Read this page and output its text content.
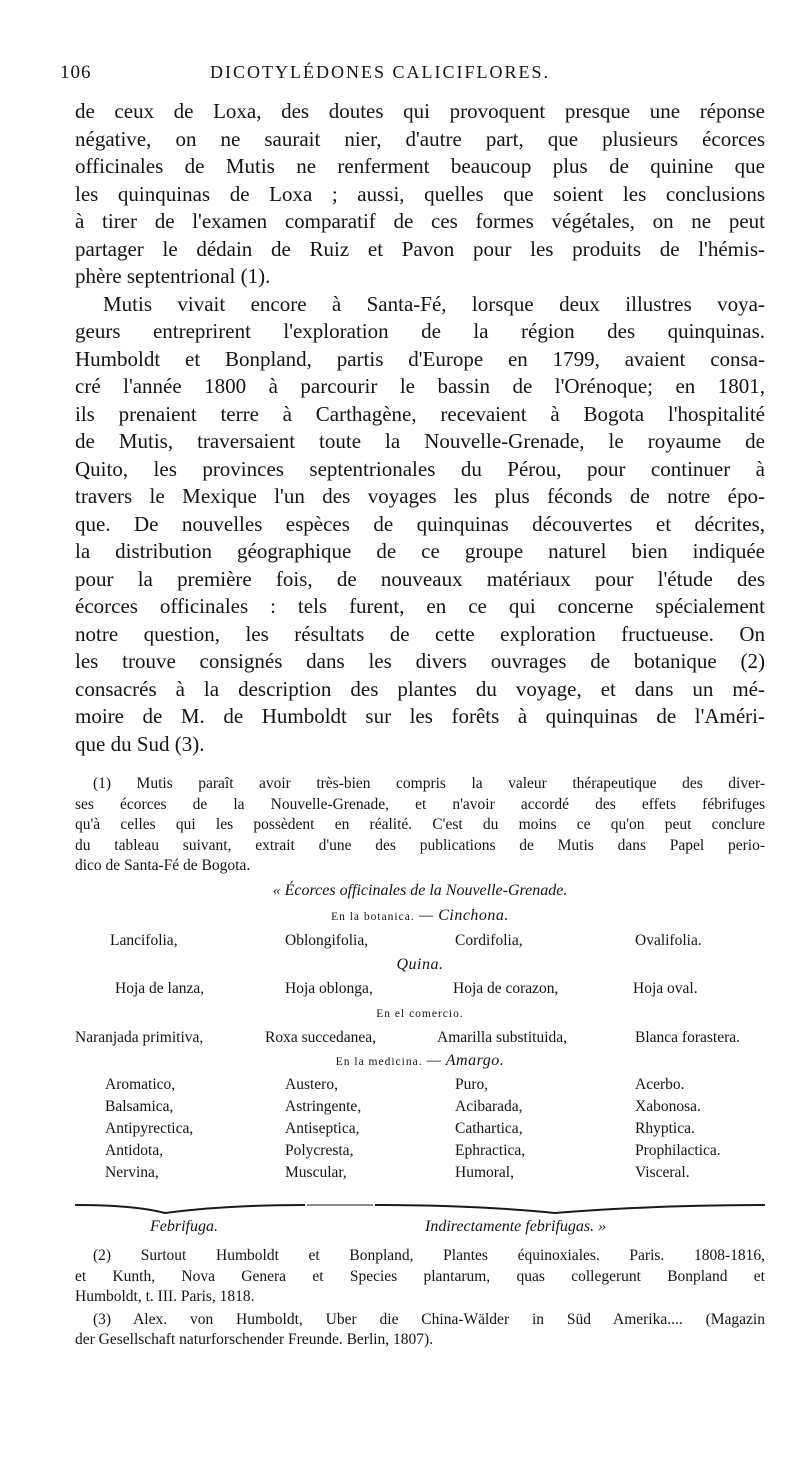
106	DICOTYLÉDONES CALICIFLORES.
de ceux de Loxa, des doutes qui provoquent presque une réponse
négative, on ne saurait nier, d'autre part, que plusieurs écorces
officinales de Mutis ne renferment beaucoup plus de quinine que
les quinquinas de Loxa ; aussi, quelles que soient les conclusions
à tirer de l'examen comparatif de ces formes végétales, on ne peut
partager le dédain de Ruiz et Pavon pour les produits de l'hémis-
phère septentrional (1).
Mutis vivait encore à Santa-Fé, lorsque deux illustres voya-
geurs entreprirent l'exploration de la région des quinquinas.
Humboldt et Bonpland, partis d'Europe en 1799, avaient consa-
cré l'année 1800 à parcourir le bassin de l'Orénoque; en 1801,
ils prenaient terre à Carthagène, recevaient à Bogota l'hospitalité
de Mutis, traversaient toute la Nouvelle-Grenade, le royaume de
Quito, les provinces septentrionales du Pérou, pour continuer à
travers le Mexique l'un des voyages les plus féconds de notre épo-
que. De nouvelles espèces de quinquinas découvertes et décrites,
la distribution géographique de ce groupe naturel bien indiquée
pour la première fois, de nouveaux matériaux pour l'étude des
écorces officinales : tels furent, en ce qui concerne spécialement
notre question, les résultats de cette exploration fructueuse. On
les trouve consignés dans les divers ouvrages de botanique (2)
consacrés à la description des plantes du voyage, et dans un mé-
moire de M. de Humboldt sur les forêts à quinquinas de l'Améri-
que du Sud (3).
(1) Mutis paraît avoir très-bien compris la valeur thérapeutique des diver-
ses écorces de la Nouvelle-Grenade, et n'avoir accordé des effets fébrifuges
qu'à celles qui les possèdent en réalité. C'est du moins ce qu'on peut conclure
du tableau suivant, extrait d'une des publications de Mutis dans Papel perio-
dico de Santa-Fé de Bogota.
« Écorces officinales de la Nouvelle-Grenade.
En la botanica. — Cinchona.
Lancifolia,	Oblongifolia,	Cordifolia,	Ovalifolia.
Quina.
Hoja de lanza,	Hoja oblonga,	Hoja de corazon,	Hoja oval.
En el comercio.
Naranjada primitiva,	Roxa succedanea,	Amarilla substituida,	Blanca forastera.
En la medicina. — Amargo.
Aromatico,	Austero,	Puro,	Acerbo.
Balsamica,	Astringente,	Acibarada,	Xabonosa.
Antipyrectica,	Antiseptica,	Cathartica,	Rhyptica.
Antidota,	Polycresta,	Ephractica,	Prophilactica.
Nervina,	Muscular,	Humoral,	Visceral.
Febrifuga.	Indirectamente febrifugas. »
(2) Surtout Humboldt et Bonpland, Plantes équinoxiales. Paris. 1808-1816,
et Kunth, Nova Genera et Species plantarum, quas collegerunt Bonpland et
Humboldt, t. III. Paris, 1818.
(3) Alex. von Humboldt, Uber die China-Wälder in Süd Amerika.... (Magazin
der Gesellschaft naturforschender Freunde. Berlin, 1807).
